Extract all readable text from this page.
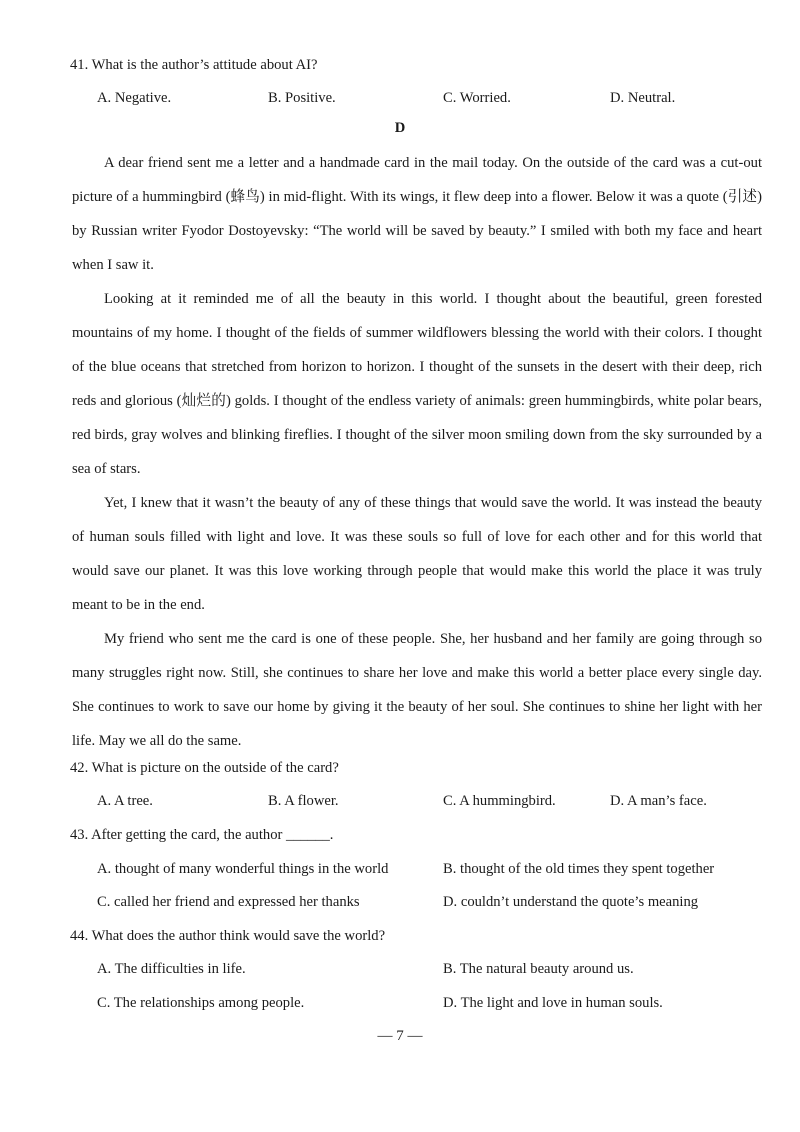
41. What is the author’s attitude about AI?
A. Negative.	B. Positive.	C. Worried.	D. Neutral.
D

A dear friend sent me a letter and a handmade card in the mail today. On the outside of the card was a cut-out picture of a hummingbird (蜂鸟) in mid-flight. With its wings, it flew deep into a flower. Below it was a quote (引述) by Russian writer Fyodor Dostoyevsky: “The world will be saved by beauty.” I smiled with both my face and heart when I saw it.

Looking at it reminded me of all the beauty in this world. I thought about the beautiful, green forested mountains of my home. I thought of the fields of summer wildflowers blessing the world with their colors. I thought of the blue oceans that stretched from horizon to horizon. I thought of the sunsets in the desert with their deep, rich reds and glorious (灿烂的) golds. I thought of the endless variety of animals: green hummingbirds, white polar bears, red birds, gray wolves and blinking fireflies. I thought of the silver moon smiling down from the sky surrounded by a sea of stars.

Yet, I knew that it wasn’t the beauty of any of these things that would save the world. It was instead the beauty of human souls filled with light and love. It was these souls so full of love for each other and for this world that would save our planet. It was this love working through people that would make this world the place it was truly meant to be in the end.

My friend who sent me the card is one of these people. She, her husband and her family are going through so many struggles right now. Still, she continues to share her love and make this world a better place every single day. She continues to work to save our home by giving it the beauty of her soul. She continues to shine her light with her life. May we all do the same.

42. What is picture on the outside of the card?
A. A tree.	B. A flower.	C. A hummingbird.	D. A man’s face.
43. After getting the card, the author ______.
A. thought of many wonderful things in the world	B. thought of the old times they spent together
C. called her friend and expressed her thanks	D. couldn’t understand the quote’s meaning
44. What does the author think would save the world?
A. The difficulties in life.	B. The natural beauty around us.
C. The relationships among people.	D. The light and love in human souls.
— 7 —
